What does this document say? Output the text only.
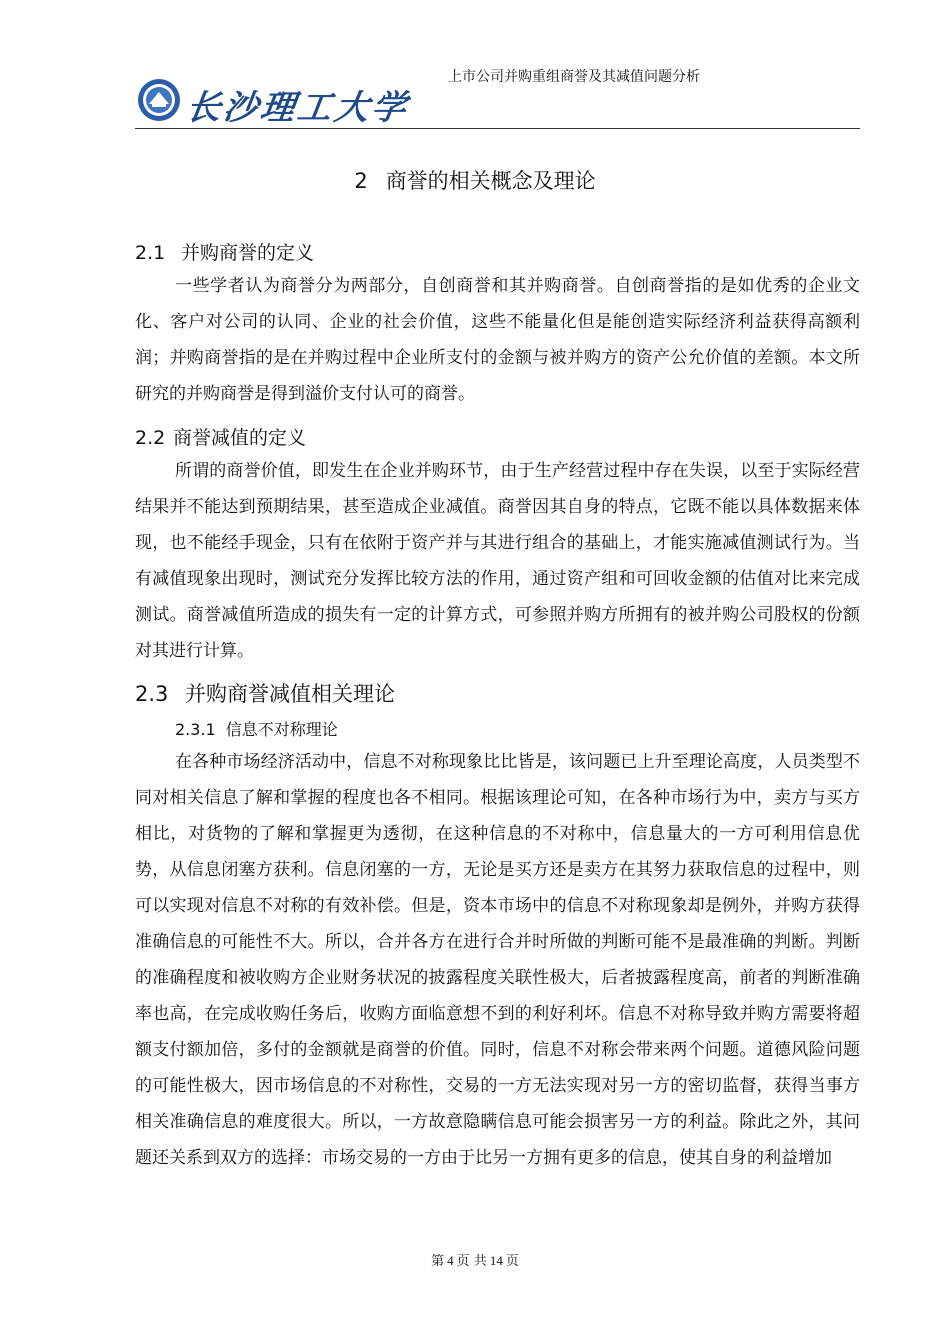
长沙理工大学
上市公司并购重组商誉及其减值问题分析
2 商誉的相关概念及理论
2.1 并购商誉的定义
一些学者认为商誉分为两部分，自创商誉和其并购商誉。自创商誉指的是如优秀的企业文化、客户对公司的认同、企业的社会价值，这些不能量化但是能创造实际经济利益获得高额利润；并购商誉指的是在并购过程中企业所支付的金额与被并购方的资产公允价值的差额。本文所研究的并购商誉是得到溢价支付认可的商誉。
2.2 商誉减值的定义
所谓的商誉价值，即发生在企业并购环节，由于生产经营过程中存在失误，以至于实际经营结果并不能达到预期结果，甚至造成企业减值。商誉因其自身的特点，它既不能以具体数据来体现，也不能经手现金，只有在依附于资产并与其进行组合的基础上，才能实施减值测试行为。当有减值现象出现时，测试充分发挥比较方法的作用，通过资产组和可回收金额的估值对比来完成测试。商誉减值所造成的损失有一定的计算方式，可参照并购方所拥有的被并购公司股权的份额对其进行计算。
2.3 并购商誉减值相关理论
2.3.1 信息不对称理论
在各种市场经济活动中，信息不对称现象比比皆是，该问题已上升至理论高度，人员类型不同对相关信息了解和掌握的程度也各不相同。根据该理论可知，在各种市场行为中，卖方与买方相比，对货物的了解和掌握更为透彻，在这种信息的不对称中，信息量大的一方可利用信息优势，从信息闭塞方获利。信息闭塞的一方，无论是买方还是卖方在其努力获取信息的过程中，则可以实现对信息不对称的有效补偿。但是，资本市场中的信息不对称现象却是例外，并购方获得准确信息的可能性不大。所以，合并各方在进行合并时所做的判断可能不是最准确的判断。判断的准确程度和被收购方企业财务状况的披露程度关联性极大，后者披露程度高，前者的判断准确率也高，在完成收购任务后，收购方面临意想不到的利好利坏。信息不对称导致并购方需要将超额支付额加倍，多付的金额就是商誉的价值。同时，信息不对称会带来两个问题。道德风险问题的可能性极大，因市场信息的不对称性，交易的一方无法实现对另一方的密切监督，获得当事方相关准确信息的难度很大。所以，一方故意隐瞒信息可能会损害另一方的利益。除此之外，其问题还关系到双方的选择：市场交易的一方由于比另一方拥有更多的信息，使其自身的利益增加
第 4 页 共 14 页
